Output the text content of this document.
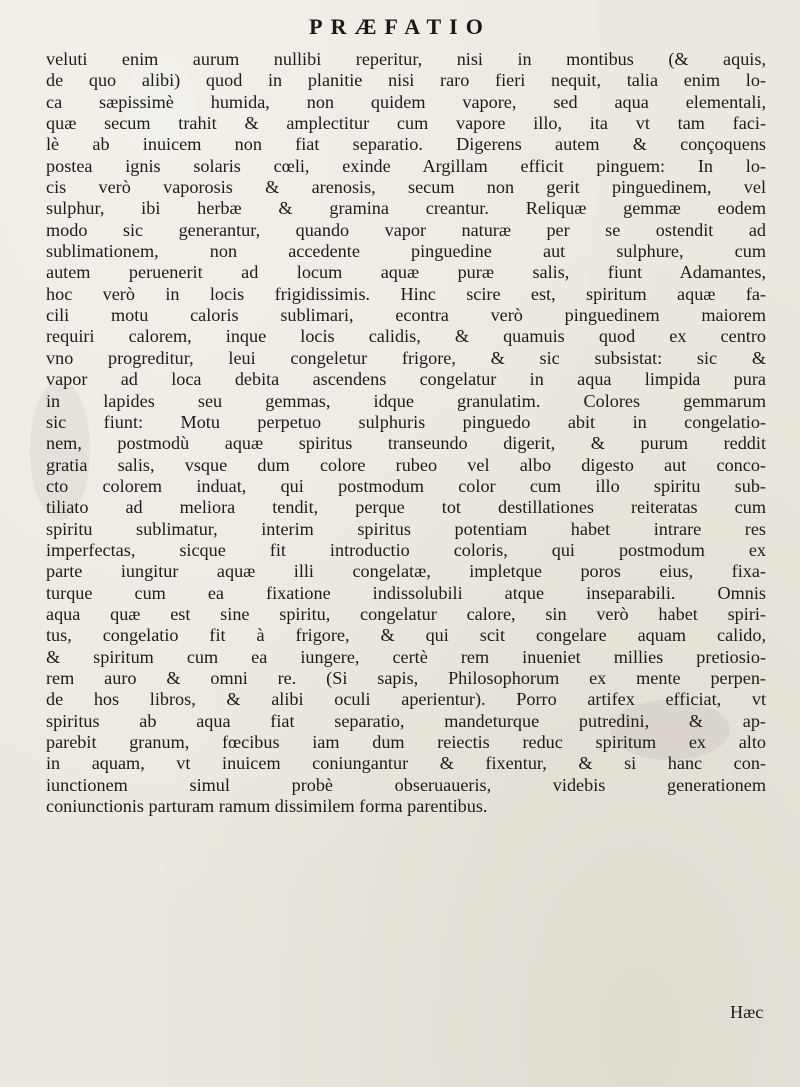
PRÆFATIO
veluti enim aurum nullibi reperitur, nisi in montibus (& aquis,
de quo alibi) quod in planitie nisi raro fieri nequit, talia enim lo-
ca sæpissimè humida, non quidem vapore, sed aqua elementali,
quæ secum trahit & amplectitur cum vapore illo, ita vt tam faci-
lè ab inuicem non fiat separatio. Digerens autem & conçoquens
postea ignis solaris cœli, exinde Argillam efficit pinguem: In lo-
cis verò vaporosis & arenosis, secum non gerit pinguedinem, vel
sulphur, ibi herbæ & gramina creantur. Reliquæ gemmæ eodem
modo sic generantur, quando vapor naturæ per se ostendit ad
sublimationem, non accedente pinguedine aut sulphure, cum
autem peruenerit ad locum aquæ puræ salis, fiunt Adamantes,
hoc verò in locis frigidissimis. Hinc scire est, spiritum aquæ fa-
cili motu caloris sublimari, econtra verò pinguedinem maiorem
requiri calorem, inque locis calidis, & quamuis quod ex centro
vno progreditur, leui congeletur frigore, & sic subsistat: sic &
vapor ad loca debita ascendens congelatur in aqua limpida pura
in lapides seu gemmas, idque granulatim. Colores gemmarum
sic fiunt: Motu perpetuo sulphuris pinguedo abit in congelatio-
nem, postmodù aquæ spiritus transeundo digerit, & purum reddit
gratia salis, vsque dum colore rubeo vel albo digesto aut conco-
cto colorem induat, qui postmodum color cum illo spiritu sub-
tiliato ad meliora tendit, perque tot destillationes reiteratas cum
spiritu sublimatur, interim spiritus potentiam habet intrare res
imperfectas, sicque fit introductio coloris, qui postmodum ex
parte iungitur aquæ illi congelatæ, impletque poros eius, fixa-
turque cum ea fixatione indissolubili atque inseparabili. Omnis
aqua quæ est sine spiritu, congelatur calore, sin verò habet spiri-
tus, congelatio fit à frigore, & qui scit congelare aquam calido,
& spiritum cum ea iungere, certè rem inueniet millies pretiosio-
rem auro & omni re. (Si sapis, Philosophorum ex mente perpen-
de hos libros, & alibi oculi aperientur). Porro artifex efficiat, vt
spiritus ab aqua fiat separatio, mandeturque putredini, & ap-
parebit granum, fœcibus iam dum reiectis reduc spiritum ex alto
in aquam, vt inuicem coniungantur & fixentur, & si hanc con-
iunctionem simul probè obseruaueris, videbis generationem
coniunctionis parturam ramum dissimilem forma parentibus.
Hæc
